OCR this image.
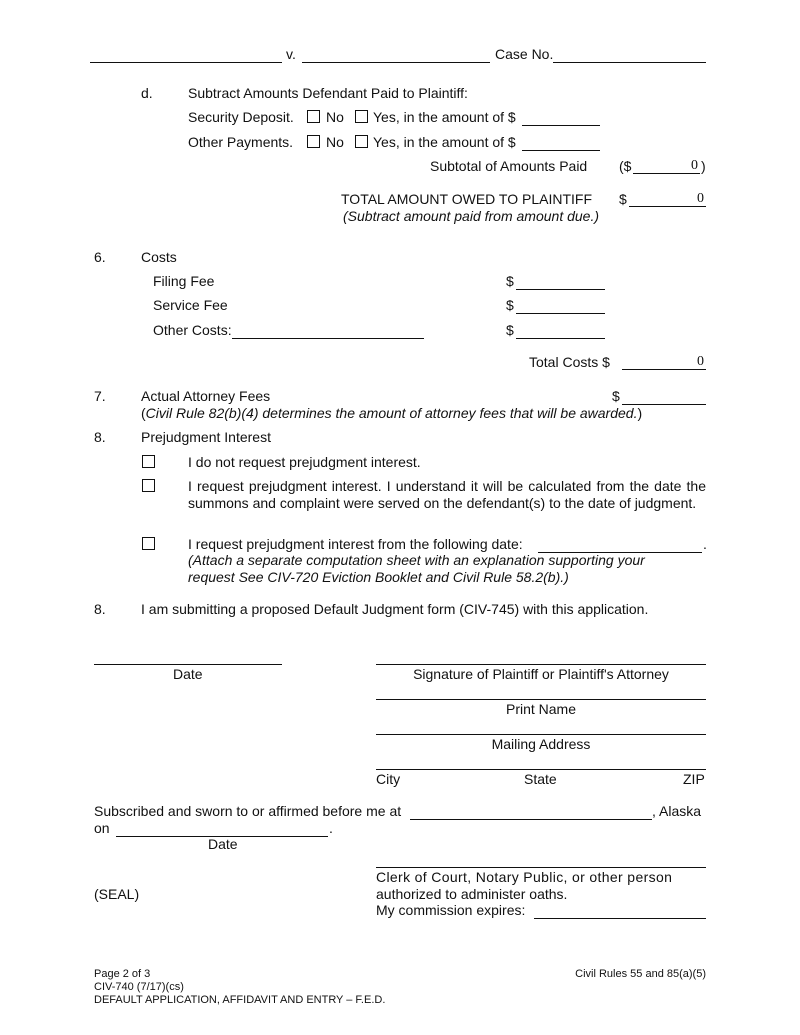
v.	Case No.
d.	Subtract Amounts Defendant Paid to Plaintiff:
Security Deposit. No Yes, in the amount of $
Other Payments. No Yes, in the amount of $
Subtotal of Amounts Paid ($	0 )
TOTAL AMOUNT OWED TO PLAINTIFF $	0
(Subtract amount paid from amount due.)
6.	Costs
Filing Fee	$
Service Fee	$
Other Costs:	$
Total Costs $	0
7.	Actual Attorney Fees	$
(Civil Rule 82(b)(4) determines the amount of attorney fees that will be awarded.)
8.	Prejudgment Interest
I do not request prejudgment interest.
I request prejudgment interest. I understand it will be calculated from the date the summons and complaint were served on the defendant(s) to the date of judgment.
I request prejudgment interest from the following date:	.
(Attach a separate computation sheet with an explanation supporting your
request See CIV-720 Eviction Booklet and Civil Rule 58.2(b).)
8.	I am submitting a proposed Default Judgment form (CIV-745) with this application.
Date	Signature of Plaintiff or Plaintiff's Attorney
Print Name
Mailing Address
City	State	ZIP
Subscribed and sworn to or affirmed before me at	, Alaska
on	.
Date
Clerk of Court, Notary Public, or other person
authorized to administer oaths.
(SEAL)
My commission expires:
Page 2 of 3
CIV-740 (7/17)(cs)
DEFAULT APPLICATION, AFFIDAVIT AND ENTRY – F.E.D.
Civil Rules 55 and 85(a)(5)
